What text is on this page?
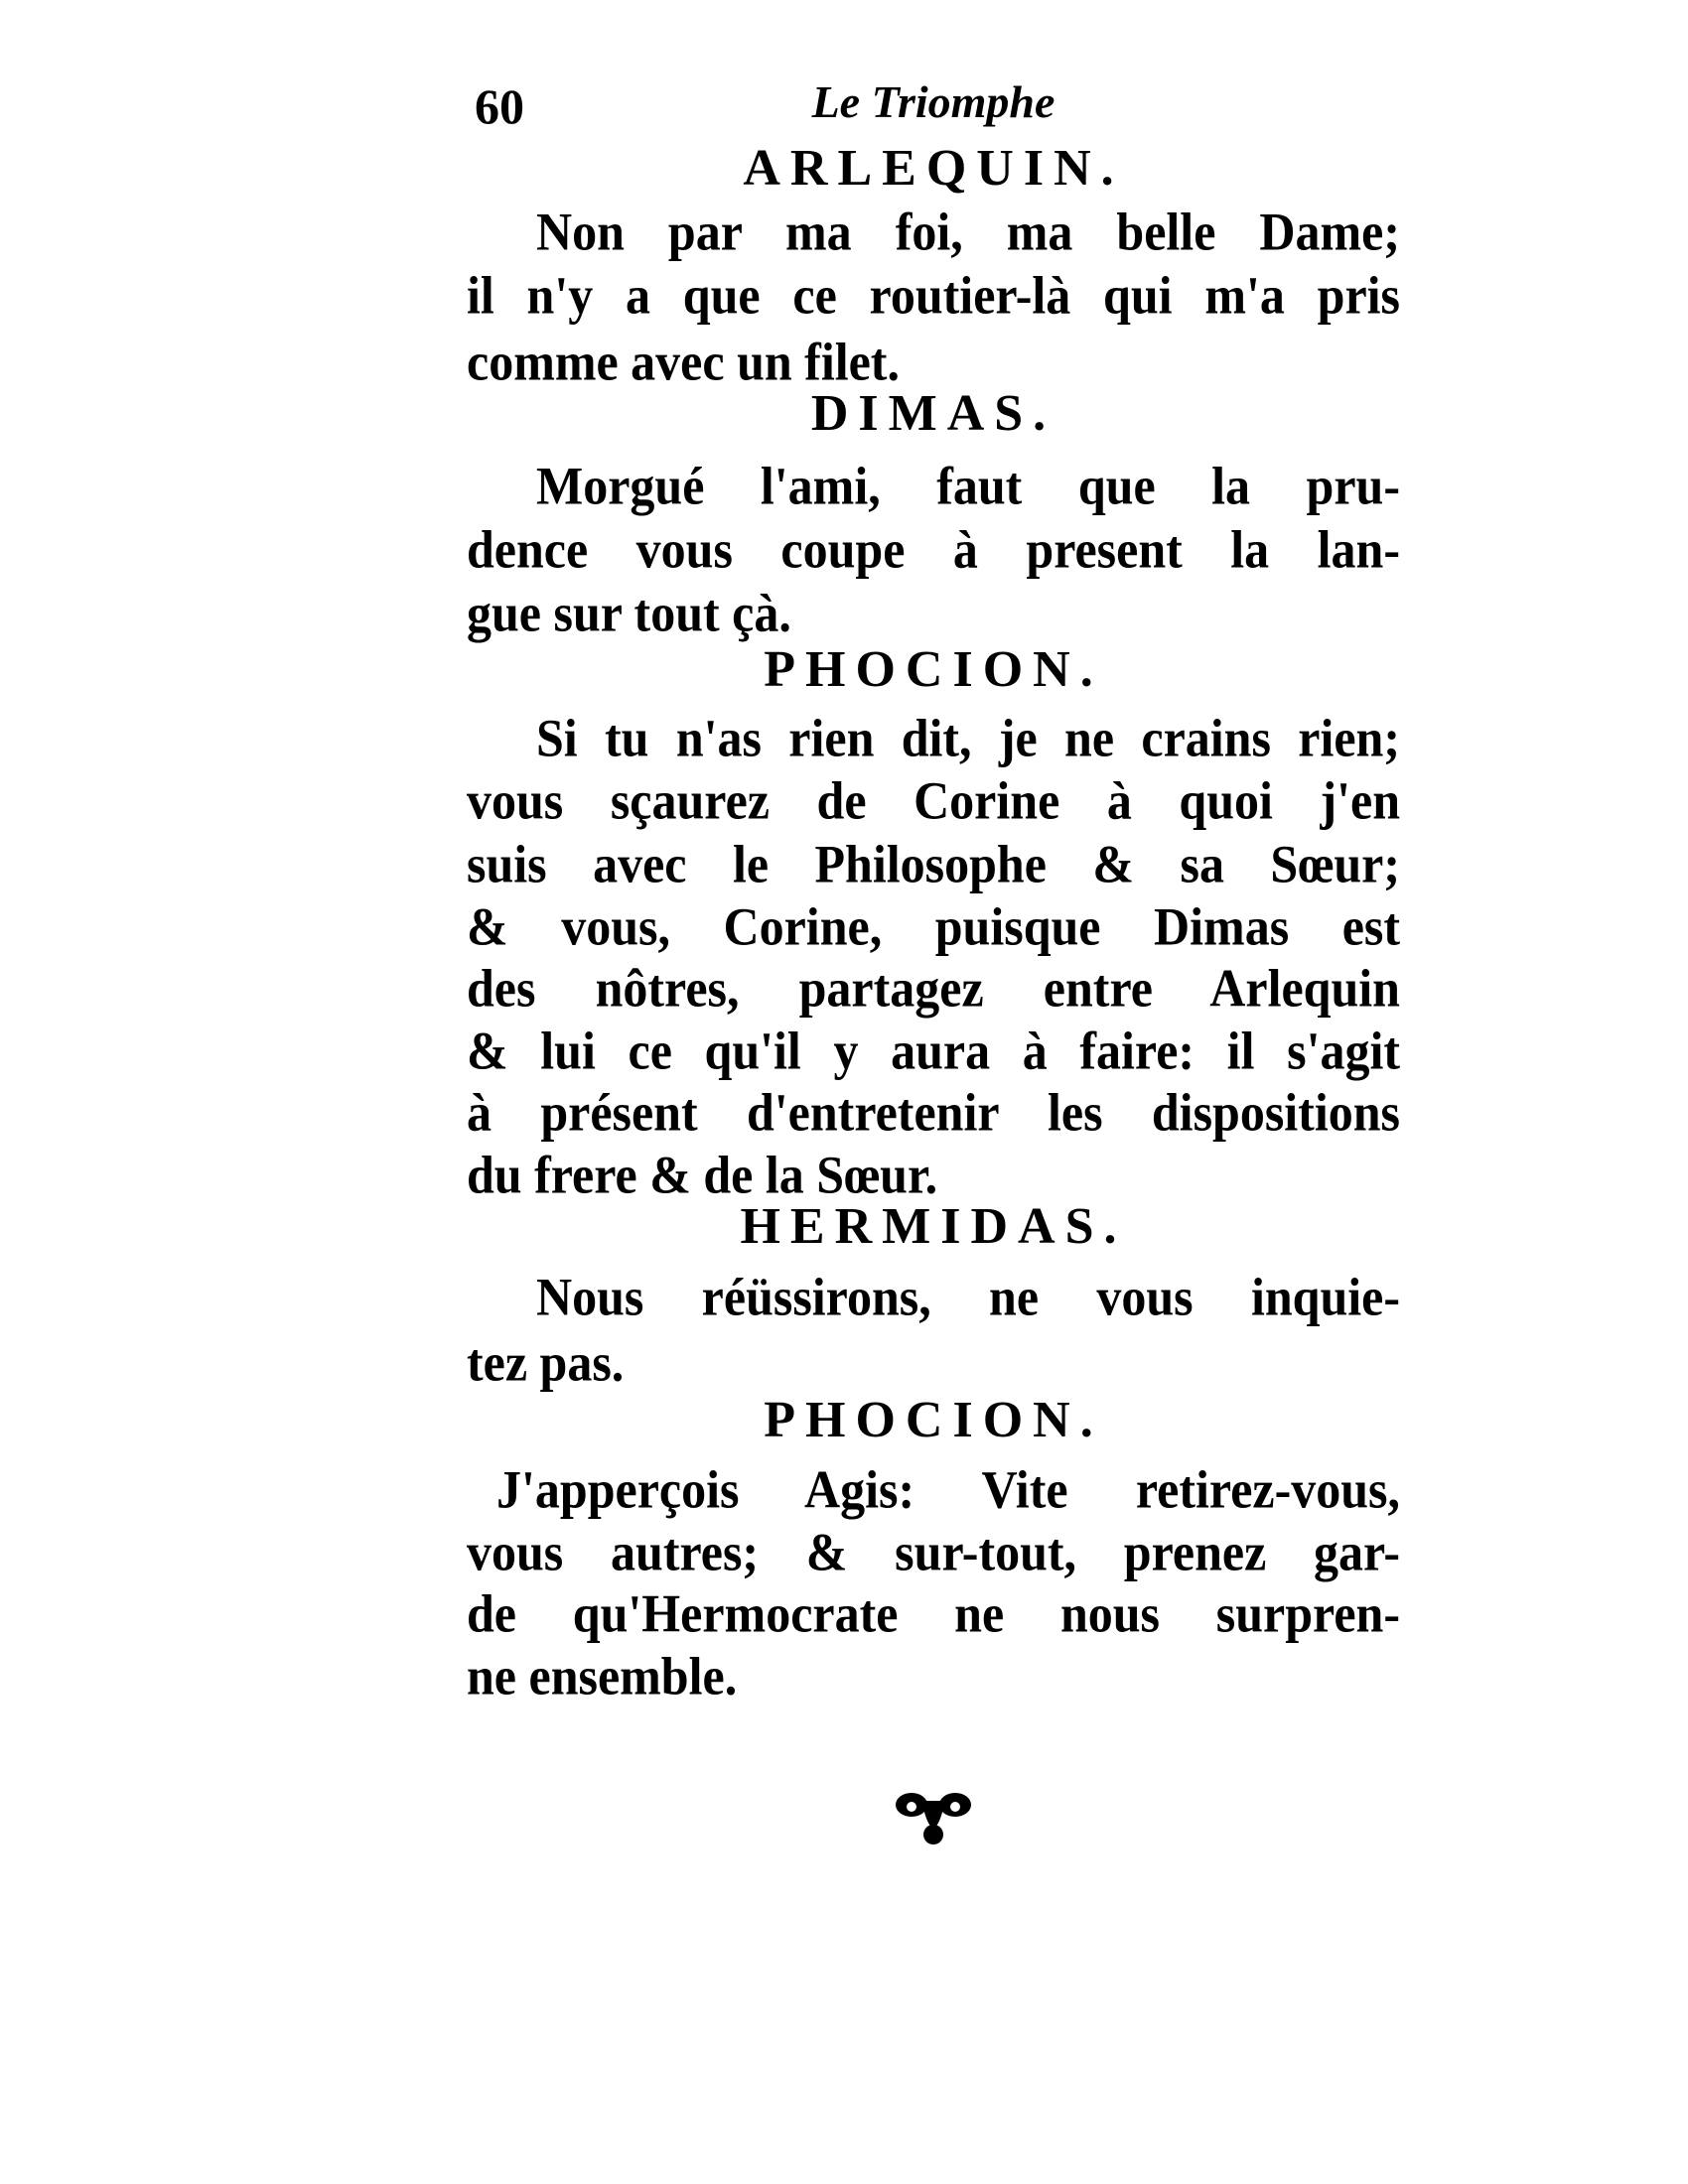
60	Le Triomphe
ARLEQUIN.
Non par ma foi, ma belle Dame;
il n'y a que ce routier-là qui m'a pris
comme avec un filet.
DIMAS.
Morgué l'ami, faut que la pru-
dence vous coupe à present la lan-
gue sur tout çà.
PHOCION.
Si tu n'as rien dit, je ne crains rien;
vous sçaurez de Corine à quoi j'en
suis avec le Philosophe & sa Sœur;
& vous, Corine, puisque Dimas est
des nôtres, partagez entre Arlequin
& lui ce qu'il y aura à faire: il s'agit
à présent d'entretenir les dispositions
du frere & de la Sœur.
HERMIDAS.
Nous réüssirons, ne vous inquie-
tez pas.
PHOCION.
J'apperçois Agis: Vite retirez-vous,
vous autres; & sur-tout, prenez gar-
de qu'Hermocrate ne nous surpren-
ne ensemble.
